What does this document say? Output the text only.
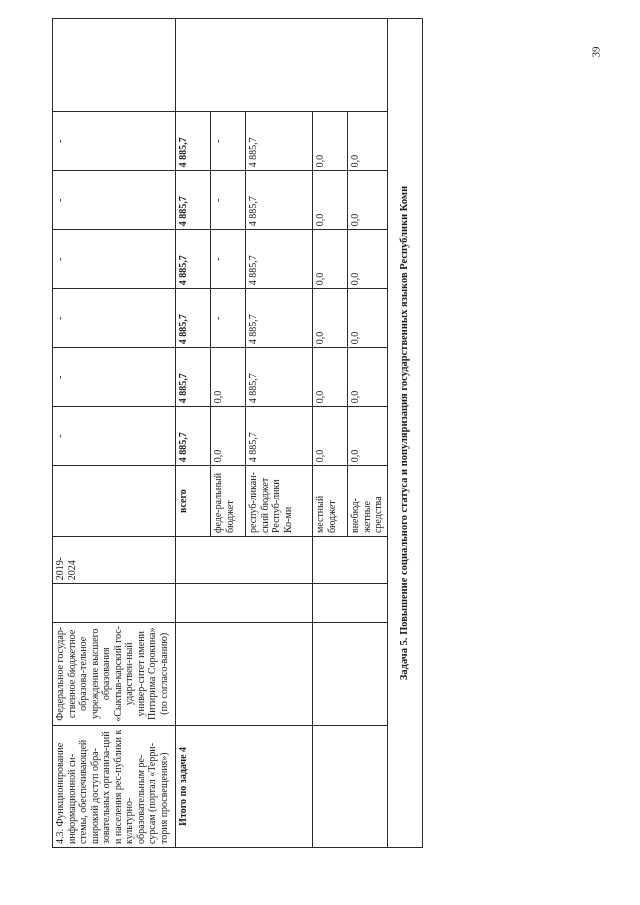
39
4.3. Функционирование информационной си-стемы, обеспечивающей широкий доступ обра-зовательных организа-ций и населения рес-публики к культурно-образовательным ре-сурсам (портал «Терри-тория просвещения»)	Федеральное государ-ственное бюджетное образова-тельное учреждение высшего образования «Сыктыв-карский гос-ударствен-ный универ-ситет имени Питирима Сорокина» (по согласо-ванию)		2019-2024		-	-	-	-	-	-	
Итого по задаче 4				всего	4 885,7	4 885,7	4 885,7	4 885,7	4 885,7	4 885,7	
				феде-ральный бюджет	0,0	0,0	-	-	-	-	
				респуб-ликан-ский бюджет Респуб-лики Ко-ми	4 885,7	4 885,7	4 885,7	4 885,7	4 885,7	4 885,7	
				местный бюджет	0,0	0,0	0,0	0,0	0,0	0,0	
				внебюд-жетные средства	0,0	0,0	0,0	0,0	0,0	0,0	
Задача 5. Повышение социального статуса и популяризация государственных языков Республики Коми											
